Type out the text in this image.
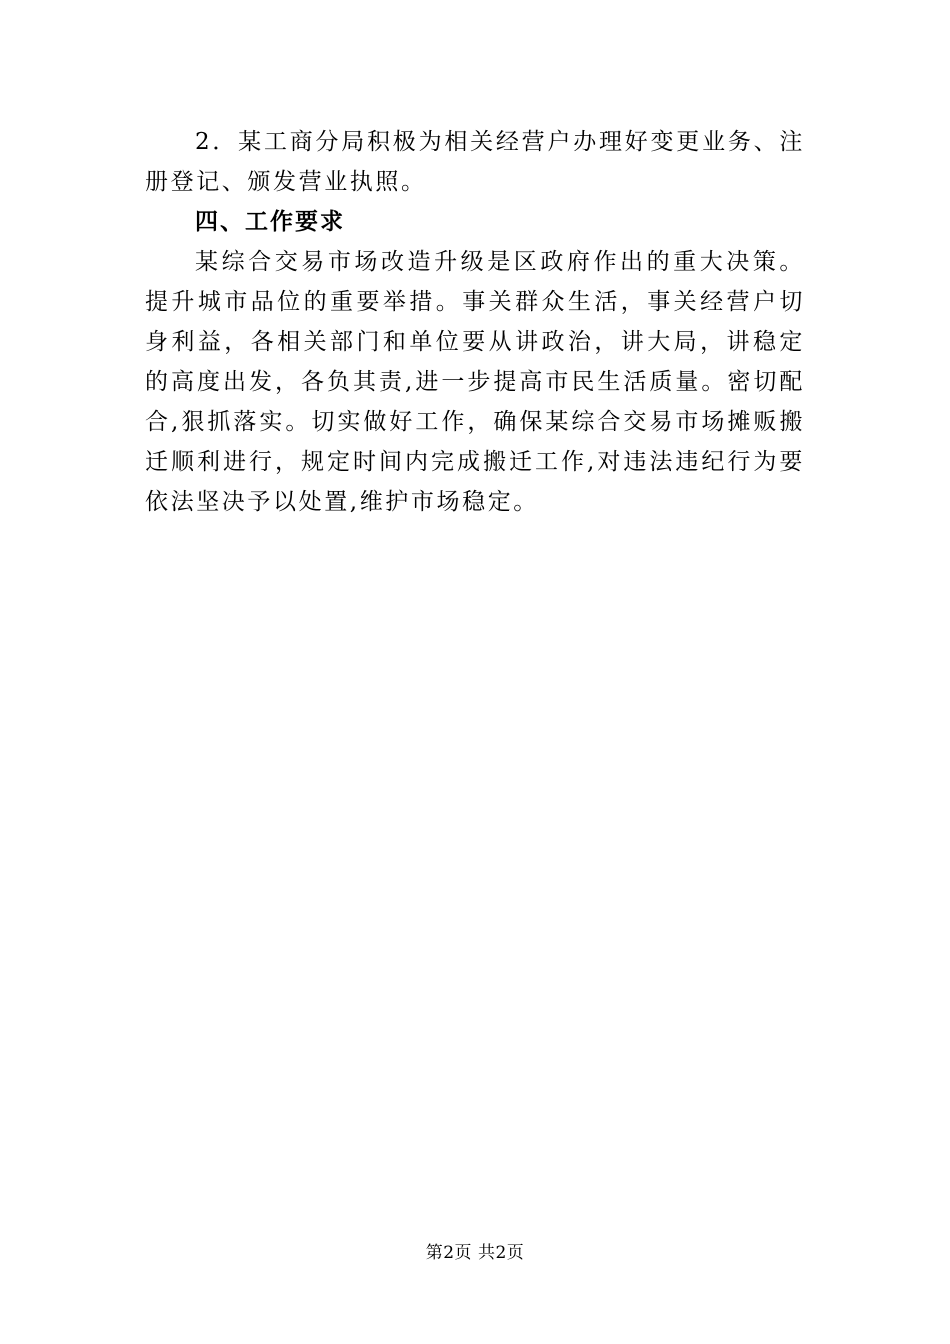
2．某工商分局积极为相关经营户办理好变更业务、注册登记、颁发营业执照。

四、工作要求

某综合交易市场改造升级是区政府作出的重大决策。提升城市品位的重要举措。事关群众生活，事关经营户切身利益，各相关部门和单位要从讲政治，讲大局，讲稳定的高度出发，各负其责,进一步提高市民生活质量。密切配合,狠抓落实。切实做好工作，确保某综合交易市场摊贩搬迁顺利进行，规定时间内完成搬迁工作,对违法违纪行为要依法坚决予以处置,维护市场稳定。

第2页 共2页
